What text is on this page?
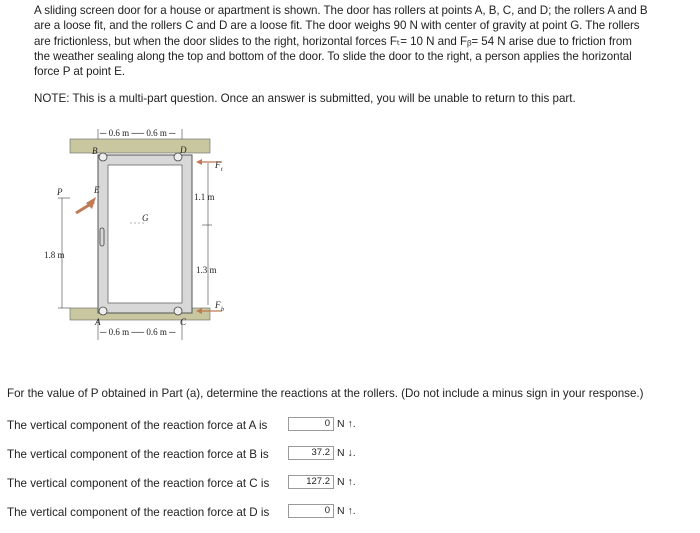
A sliding screen door for a house or apartment is shown. The door has rollers at points A, B, C, and D; the rollers A and B

are a loose fit, and the rollers C and D are a loose fit. The door weighs 90 N with center of gravity at point G. The rollers

are frictionless, but when the door slides to the right, horizontal forces Fₜ= 10 N and Fᵦ= 54 N arise due to friction from

the weather sealing along the top and bottom of the door. To slide the door to the right, a person applies the horizontal

force P at point E.

NOTE: This is a multi-part question. Once an answer is submitted, you will be unable to return to this part.
─ 0.6 m ── 0.6 m ─
─ 0.6 m ── 0.6 m ─
B	D
E
G
A	C
P
F t
F b
1.1 m
1.8 m
1.3 m
For the value of P obtained in Part (a), determine the reactions at the rollers. (Do not include a minus sign in your response.)
The vertical component of the reaction force at A is	0 N ↑.
The vertical component of the reaction force at B is	37.2 N ↓.
The vertical component of the reaction force at C is	127.2 N ↑.
The vertical component of the reaction force at D is	0 N ↑.
